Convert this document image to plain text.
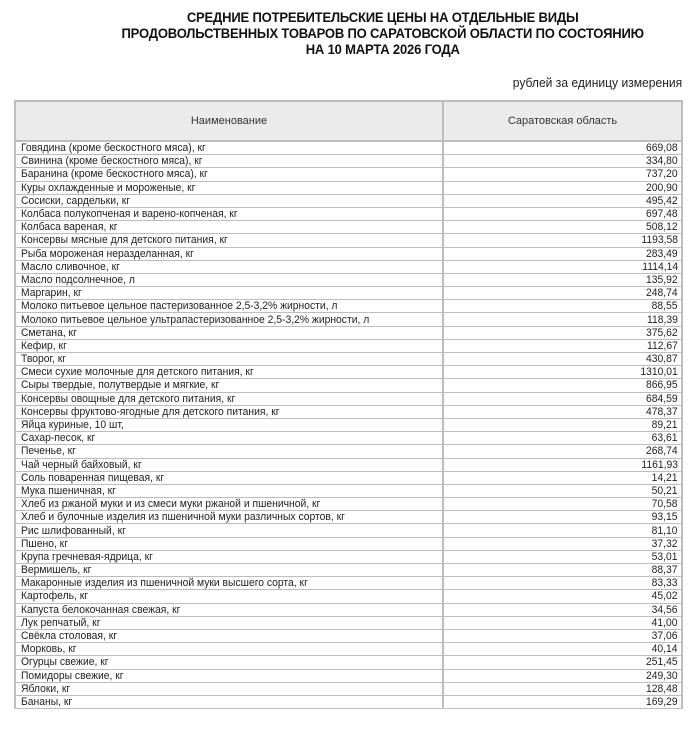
СРЕДНИЕ ПОТРЕБИТЕЛЬСКИЕ ЦЕНЫ НА ОТДЕЛЬНЫЕ ВИДЫ
ПРОДОВОЛЬСТВЕННЫХ ТОВАРОВ ПО САРАТОВСКОЙ ОБЛАСТИ ПО СОСТОЯНИЮ
НА 10 МАРТА 2026 ГОДА
рублей за единицу измерения
Наименование	Саратовская область
Говядина (кроме бескостного мяса), кг	669,08
Свинина (кроме бескостного мяса), кг	334,80
Баранина (кроме бескостного мяса), кг	737,20
Куры охлажденные и мороженые, кг	200,90
Сосиски, сардельки, кг	495,42
Колбаса полукопченая и варено-копченая, кг	697,48
Колбаса вареная, кг	508,12
Консервы мясные для детского питания, кг	1193,58
Рыба мороженая неразделанная, кг	283,49
Масло сливочное, кг	1114,14
Масло подсолнечное, л	135,92
Маргарин, кг	248,74
Молоко питьевое цельное пастеризованное 2,5-3,2% жирности, л	88,55
Молоко питьевое цельное ультрапастеризованное 2,5-3,2% жирности, л	118,39
Сметана, кг	375,62
Кефир, кг	112,67
Творог, кг	430,87
Смеси сухие молочные для детского питания, кг	1310,01
Сыры твердые, полутвердые и мягкие, кг	866,95
Консервы овощные для детского питания, кг	684,59
Консервы фруктово-ягодные для детского питания, кг	478,37
Яйца куриные, 10 шт,	89,21
Сахар-песок, кг	63,61
Печенье, кг	268,74
Чай черный байховый, кг	1161,93
Соль поваренная пищевая, кг	14,21
Мука пшеничная, кг	50,21
Хлеб из ржаной муки и из смеси муки ржаной и пшеничной, кг	70,58
Хлеб и булочные изделия из пшеничной муки различных сортов, кг	93,15
Рис шлифованный, кг	81,10
Пшено, кг	37,32
Крупа гречневая-ядрица, кг	53,01
Вермишель, кг	88,37
Макаронные изделия из пшеничной муки высшего сорта, кг	83,33
Картофель, кг	45,02
Капуста белокочанная свежая, кг	34,56
Лук репчатый, кг	41,00
Свёкла столовая, кг	37,06
Морковь, кг	40,14
Огурцы свежие, кг	251,45
Помидоры свежие, кг	249,30
Яблоки, кг	128,48
Бананы, кг	169,29
